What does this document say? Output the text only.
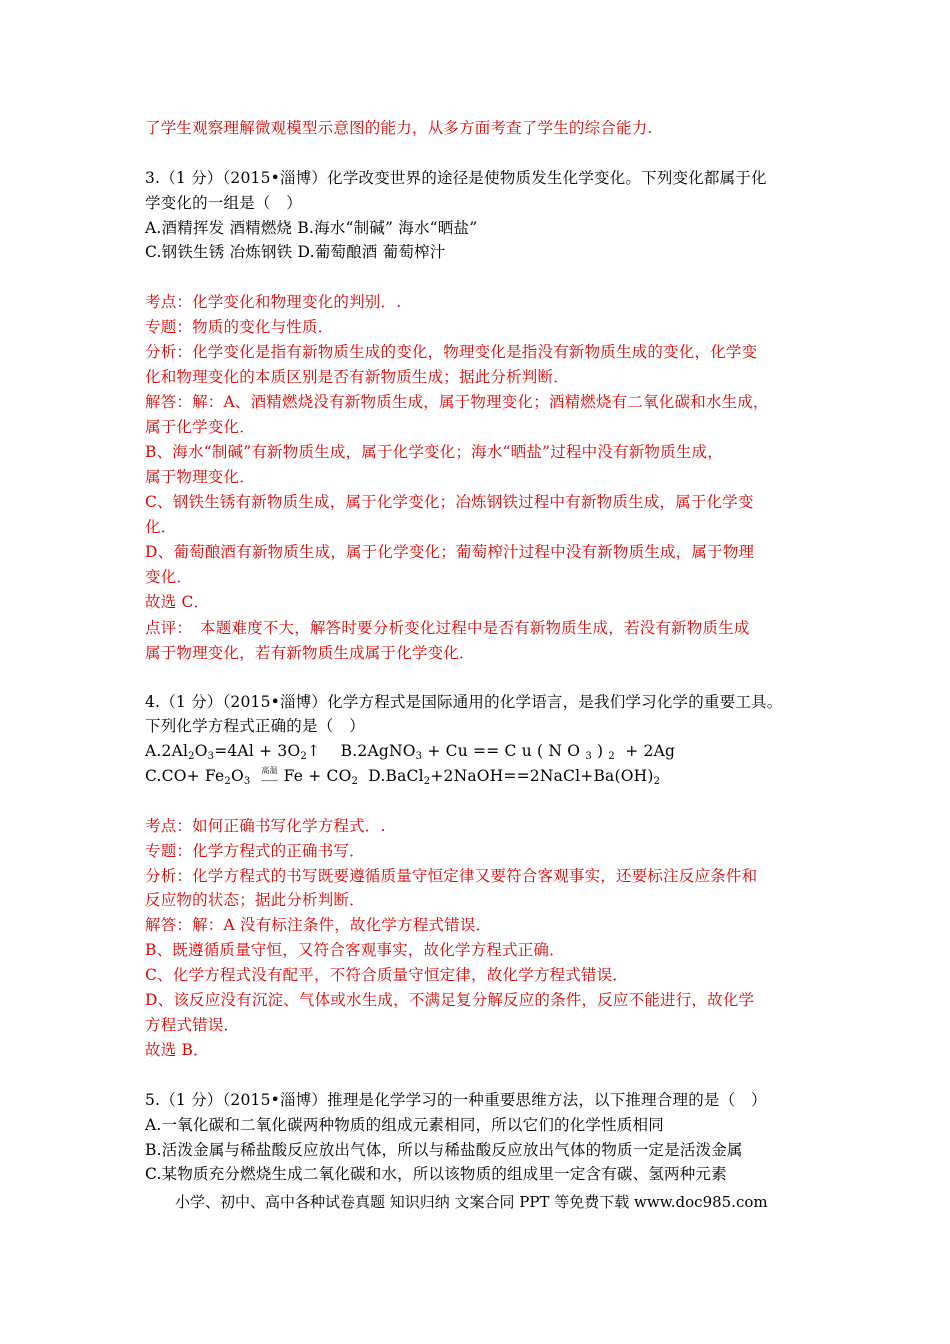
了学生观察理解微观模型示意图的能力，从多方面考查了学生的综合能力.
3.（1 分）（2015•淄博）化学改变世界的途径是使物质发生化学变化。下列变化都属于化
学变化的一组是（　）
A.酒精挥发 酒精燃烧 B.海水“制碱” 海水“晒盐”
C.钢铁生锈 冶炼钢铁 D.葡萄酿酒 葡萄榨汁
考点：化学变化和物理变化的判别．.
专题：物质的变化与性质．
分析：化学变化是指有新物质生成的变化，物理变化是指没有新物质生成的变化，化学变
化和物理变化的本质区别是否有新物质生成；据此分析判断．
解答：解：A、酒精燃烧没有新物质生成，属于物理变化；酒精燃烧有二氧化碳和水生成，
属于化学变化．
B、海水“制碱”有新物质生成，属于化学变化；海水“晒盐”过程中没有新物质生成，
属于物理变化．
C、钢铁生锈有新物质生成，属于化学变化；冶炼钢铁过程中有新物质生成，属于化学变
化．
D、葡萄酿酒有新物质生成，属于化学变化；葡萄榨汁过程中没有新物质生成，属于物理
变化．
故选 C．
点评：　本题难度不大，解答时要分析变化过程中是否有新物质生成，若没有新物质生成
属于物理变化，若有新物质生成属于化学变化．
4.（1 分）（2015•淄博）化学方程式是国际通用的化学语言，是我们学习化学的重要工具。
下列化学方程式正确的是（　）
$A.2Al_2O_3=4Al$ + $3O_2↑$    B.2AgNO$_3$ + Cu == C u ( N O $_3$ ) $_2$  + 2Ag
$C.CO+ Fe_2O_3$ 高温
―― $Fe + CO_2$  $D.BaCl_2+2NaOH==2NaCl+Ba(OH)_2$
考点：如何正确书写化学方程式．.
专题：化学方程式的正确书写．
分析：化学方程式的书写既要遵循质量守恒定律又要符合客观事实，还要标注反应条件和
反应物的状态；据此分析判断．
解答：解：A 没有标注条件，故化学方程式错误．
B、既遵循质量守恒，又符合客观事实，故化学方程式正确．
C、化学方程式没有配平，不符合质量守恒定律，故化学方程式错误．
D、该反应没有沉淀、气体或水生成，不满足复分解反应的条件，反应不能进行，故化学
方程式错误．
故选 B．
5.（1 分）（2015•淄博）推理是化学学习的一种重要思维方法，以下推理合理的是（　）
A.一氧化碳和二氧化碳两种物质的组成元素相同，所以它们的化学性质相同
B.活泼金属与稀盐酸反应放出气体，所以与稀盐酸反应放出气体的物质一定是活泼金属
C.某物质充分燃烧生成二氧化碳和水，所以该物质的组成里一定含有碳、氢两种元素
小学、初中、高中各种试卷真题 知识归纳 文案合同 PPT 等免费下载 www.doc985.com
